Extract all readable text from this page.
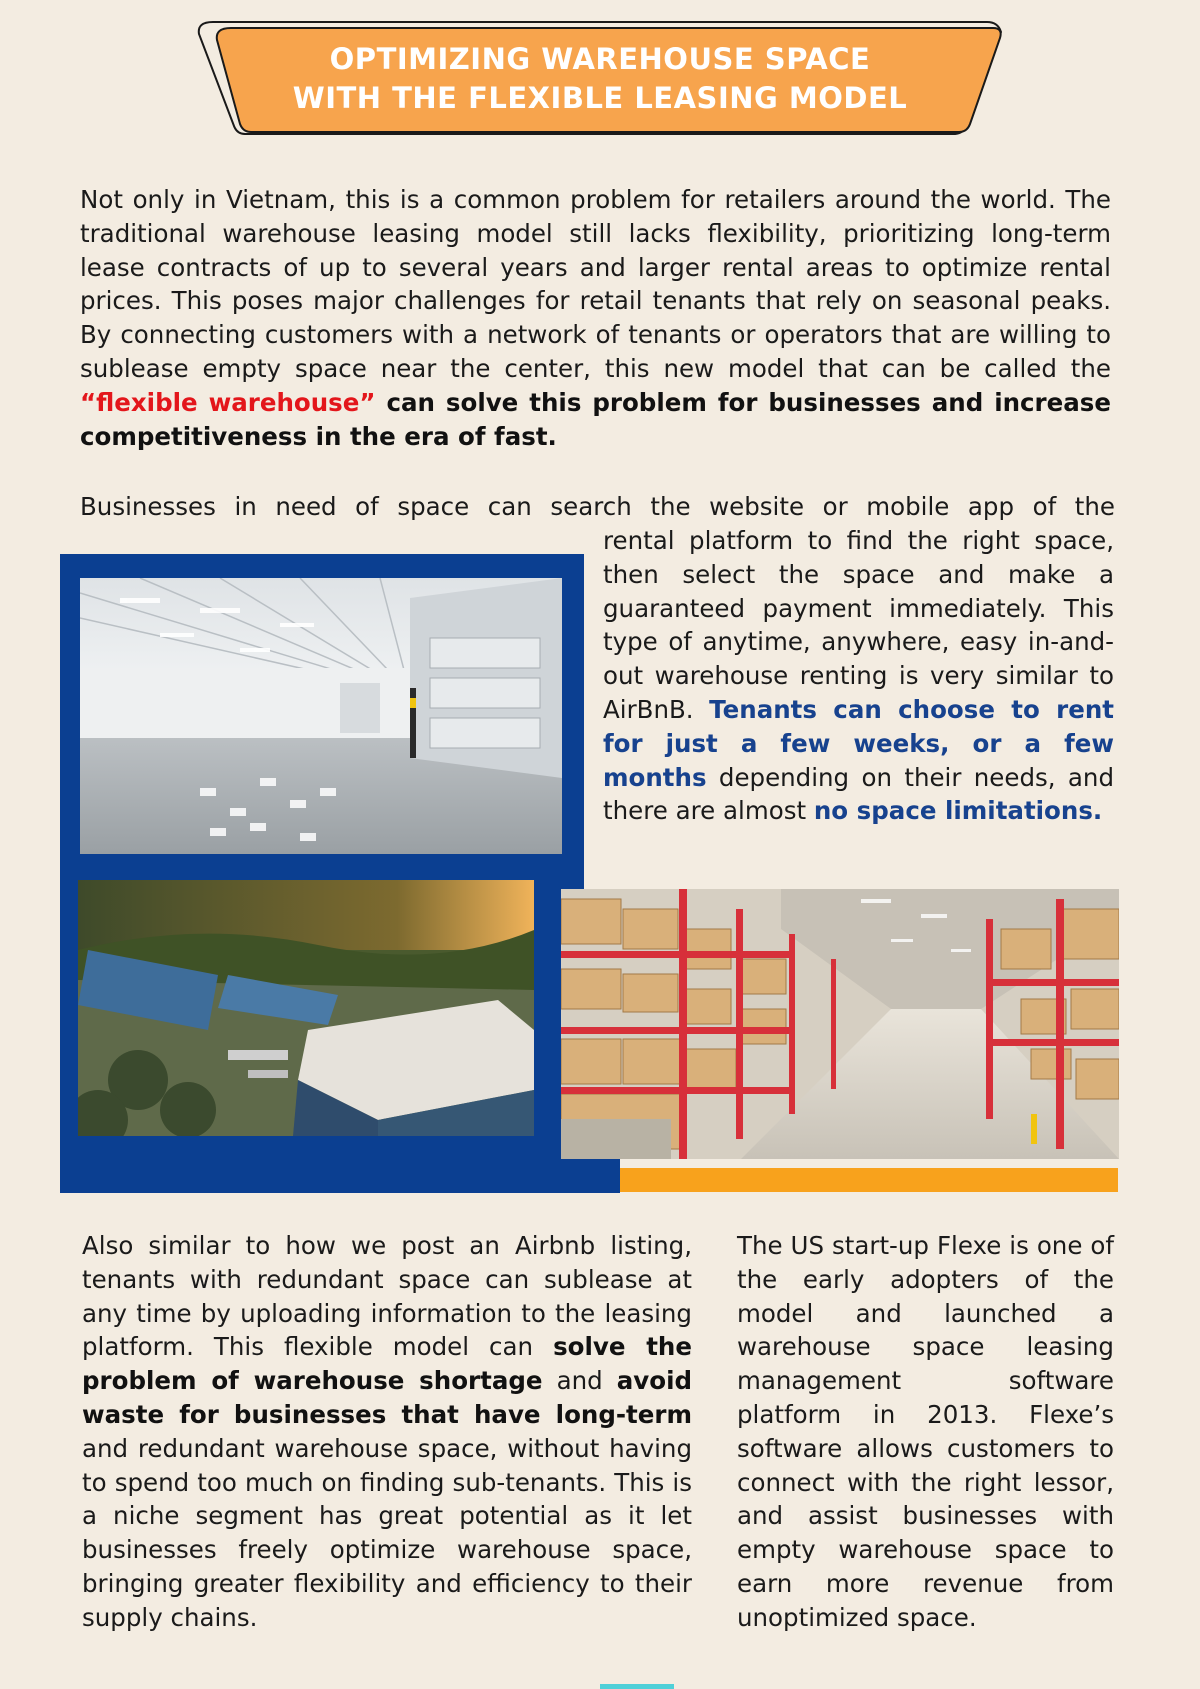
OPTIMIZING WAREHOUSE SPACE
WITH THE FLEXIBLE LEASING MODEL

Not only in Vietnam, this is a common problem for retailers around the world. The traditional warehouse leasing model still lacks flexibility, prioritizing long-term lease contracts of up to several years and larger rental areas to optimize rental prices. This poses major challenges for retail tenants that rely on seasonal peaks. By connecting customers with a network of tenants or operators that are willing to sublease empty space near the center, this new model that can be called the “flexible warehouse” can solve this problem for businesses and increase competitiveness in the era of fast.

Businesses in need of space can search the website or mobile app of the

rental platform to find the right space, then select the space and make a guaranteed payment immediately. This type of anytime, anywhere, easy in-and-out warehouse renting is very similar to AirBnB. Tenants can choose to rent for just a few weeks, or a few months depending on their needs, and there are almost no space limitations.

Also similar to how we post an Airbnb listing, tenants with redundant space can sublease at any time by uploading information to the leasing platform. This flexible model can solve the problem of warehouse shortage and avoid waste for businesses that have long-term and redundant warehouse space, without having to spend too much on finding sub-tenants. This is a niche segment has great potential as it let businesses freely optimize warehouse space, bringing greater flexibility and efficiency to their supply chains.

The US start-up Flexe is one of the early adopters of the model and launched a warehouse space leasing management software platform in 2013. Flexe’s software allows customers to connect with the right lessor, and assist businesses with empty warehouse space to earn more revenue from unoptimized space.
